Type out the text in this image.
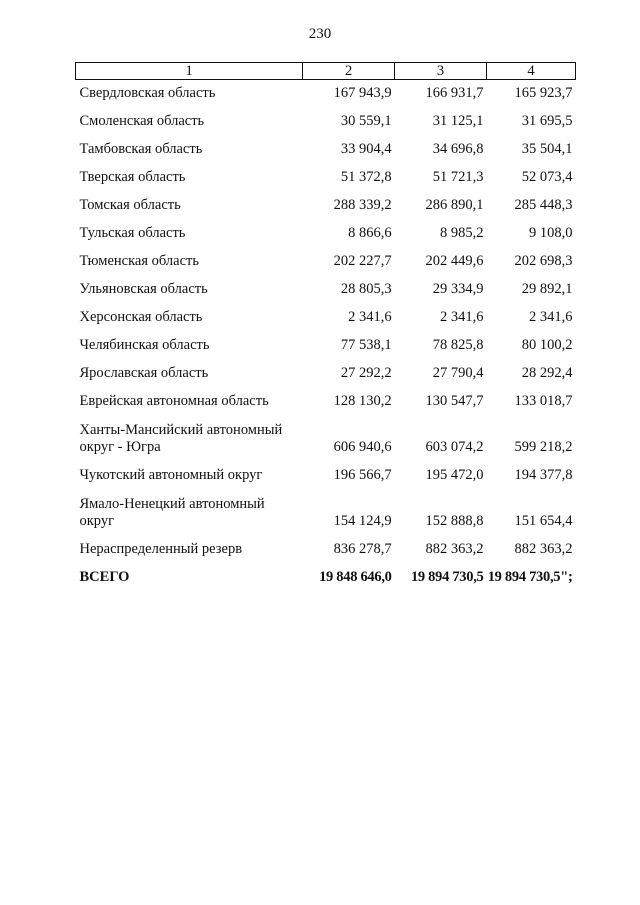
230
1	2	3	4
Свердловская область	167 943,9	166 931,7	165 923,7
Смоленская область	30 559,1	31 125,1	31 695,5
Тамбовская область	33 904,4	34 696,8	35 504,1
Тверская область	51 372,8	51 721,3	52 073,4
Томская область	288 339,2	286 890,1	285 448,3
Тульская область	8 866,6	8 985,2	9 108,0
Тюменская область	202 227,7	202 449,6	202 698,3
Ульяновская область	28 805,3	29 334,9	29 892,1
Херсонская область	2 341,6	2 341,6	2 341,6
Челябинская область	77 538,1	78 825,8	80 100,2
Ярославская область	27 292,2	27 790,4	28 292,4
Еврейская автономная область	128 130,2	130 547,7	133 018,7
Ханты-Мансийский автономный
округ - Югра	606 940,6	603 074,2	599 218,2
Чукотский автономный округ	196 566,7	195 472,0	194 377,8
Ямало-Ненецкий автономный
округ	154 124,9	152 888,8	151 654,4
Нераспределенный резерв	836 278,7	882 363,2	882 363,2
ВСЕГО	19 848 646,0	19 894 730,5	19 894 730,5";
